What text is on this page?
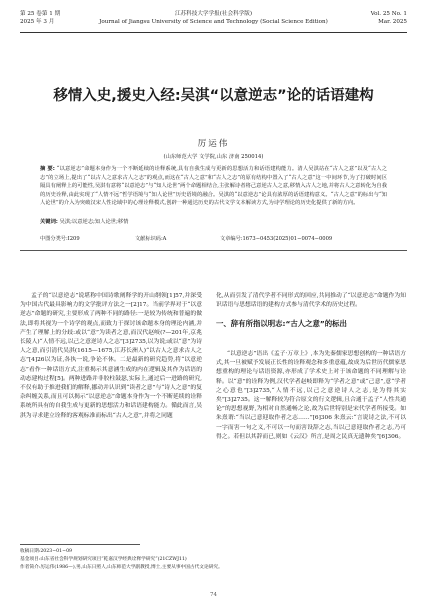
第 25 卷第 1 期
2025 年 3 月
江苏科技大学学报(社会科学版)
Journal of Jiangsu University of Science and Technology (Social Science Edition)
Vol. 25 No. 1
Mar. 2025
移情入史,援史入经:吴淇“以意逆志”论的话语建构
厉运伟
(山东师范大学 文学院,山东 济南 250014)
摘 要: “以意逆志”命题本身作为一个不断延续的诠释系统,具有自我生成与更新的思想活力和话语建构能力。清人吴淇站在“古人之意”以及“古人之志”的立场上,提出了“以古人之意求古人之志”的观点,而这在“古人之意”和“古人之志”的原有结构中置入了“古人之意”这一中间环节,为了打破时间区隔具有阐释上的可能性,吴淇有意将“以意逆志”与“知人论世”两个命题相结合,主张解诗者将己意逆古人之意,移情入古人之地,并将古人之意转化为自我的历史诠释,由此实现了“人情不远”哲学语境与“知人论世”历史语境的融合。吴淇的“以意逆志”论具有浓厚的话语建构意义。“古人之意”的标出与“知人论世”的介入为突破汉宋人性论域中的心理诠释模式,创辟一种通达历史的古代文学文本解读方式,为诗学理论的历史化提供了新的方向。
关键词: 吴淇;以意逆志;知人论世;移情
中图分类号:I209	文献标识码:A	文章编号:1673−0453(2025)01−0074−0009
孟子的“以意逆志”说堪称中国诗歌阐释学的开山纲领[1]57,并深受为中国古代最具影响力的文学批评方法之一[2]17。当前学界对于“以意逆志”命题的研究,主要形成了两种不同的路径:一是较为传统和普遍的做法,即将其视为一个诗学的观点,而致力于探讨该命题本身的理论内涵,并产生了理解上的分歧:或以“意”为读者之意,而汉代赵岐(?—201年,京兆长陵人)“人情不远,以己之意逆诗人之志”[3]2735,以为说;或以“意”为诗人之意,而引清代吴淇(1615—1675,江苏长洲人)“以古人之意求古人之志”[4]26以为证,各执一说,争论不休。二是最新的研究趋势,将“以意逆志”看作一种话语方式,注重揭示其意涵生成的内在逻辑及其作为话语的动态建构过程[5]。两种进路并非胶柱鼓瑟,实际上,通过后一进路的研究,不仅有助于推进我们的解释,挪动并认识到“读者之意”与“诗人之意”的复杂纠缠关系,而且可以揭示“以意逆志”命题本身作为一个不断延续的诠释系统所具有的自我生成与更新的思想活力和话语建构能力。循此而言,吴淇为寻求建立诠释的客观标准而标出“古人之意”,并将之同题
化,从而引发了清代学者不同形式的回应,共同推动了“以意逆志”命题作为知识话语与思想话语的建构方式参与清代学术的历史过程。
一、辞有所指以明志:“古人之意”的标出
“以意逆志”语出《孟子·万章上》,本为先秦儒家思想创构的一种话语方式,其一旦被赋予发展正长性的诠释观念和多重意蕴,故成为后世历代儒家思想重构的理论与话语资源,亦形成了学术史上对于该命题的不同理解与诠释。以“意”的诠释为例,汉代学者赵岐即释为“学者之意”或“己意”,意“学者之心意也”[3]2735,“人情不远,以己之意逆诗人之志,是为得其实矣”[3]2735。这一解释较为符合原文的行文逻辑,且合通于孟子“人性共通论”的思想视野,为相对自然通畅之论,故为后世特别是宋代学者所接受。如朱熹谓:“当以己意迎取作者之志……”[6]306 朱熹云:“言说诗之法,不可以一字而害一句之义,不可以一句而害设辞之志,当以己意迎取作者之志,乃可得之。若但以其辞而已,则如《云汉》所言,是周之民真无遗种矣”[6]306。
收稿日期:2023−01−09
基金项目:山东省社会科学规划研究项目“乾嘉汉学经典诠释学研究”(21CZWJ11)
作者简介:厉运伟(1986—),男,山东日照人,山东师范大学副教授,博士,主要从事中国古代文论研究。
74
